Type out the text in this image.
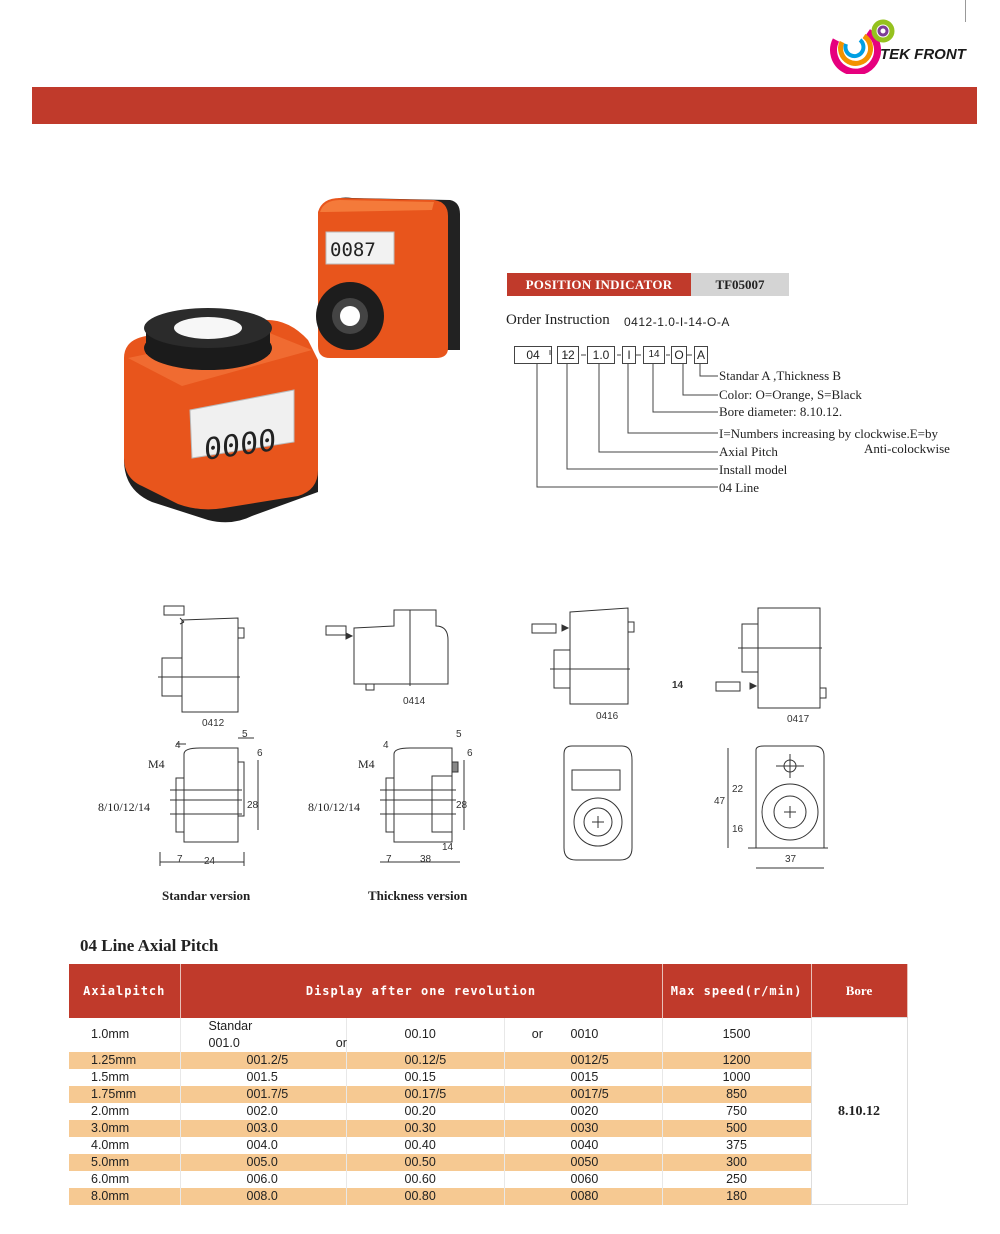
TEK FRONT
0087
0000
POSITION INDICATOR	TF05007
Order Instruction 0412-1.0-I-14-O-A
04	12	1.0	I	14	O A
Standar A ,Thickness B
Color: O=Orange, S=Black
Bore diameter: 8.10.12.
I=Numbers increasing by clockwise.E=by
Anti-colockwise
Axial Pitch
Install model
04 Line
0412
0414
0416	0417
14
M4
8/10/12/14
4
5
6
28
7 24
M4
8/10/12/14
4
5
6
28
14
7	38
47
22
16
37
Standar version	Thickness version
04 Line Axial Pitch
Axialpitch	Display after one revolution			Max speed(r/min)	Bore
1.0mm	Standar 001.0 or	00.10 or	0010	1500	8.10.12
1.25mm	001.2/5	00.12/5	0012/5	1200	
1.5mm	001.5	00.15	0015	1000	
1.75mm	001.7/5	00.17/5	0017/5	850	
2.0mm	002.0	00.20	0020	750	
3.0mm	003.0	00.30	0030	500	
4.0mm	004.0	00.40	0040	375	
5.0mm	005.0	00.50	0050	300	
6.0mm	006.0	00.60	0060	250	
8.0mm	008.0	00.80	0080	180	
